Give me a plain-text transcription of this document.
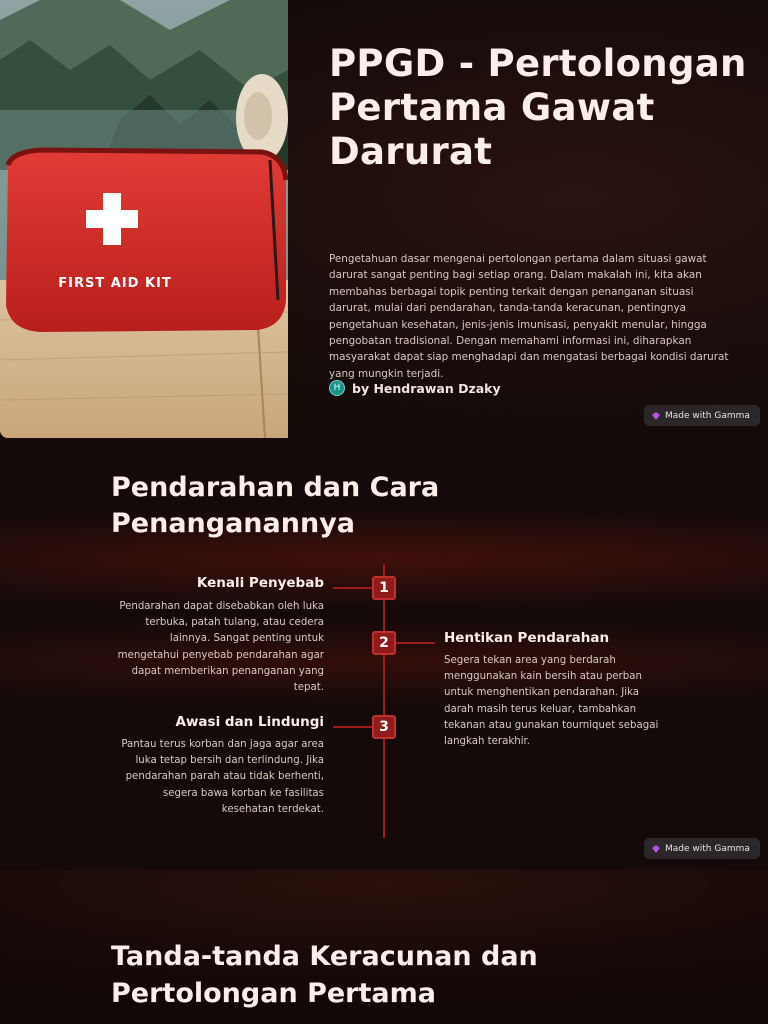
FIRST AID KIT
PPGD - Pertolongan Pertama Gawat Darurat

Pengetahuan dasar mengenai pertolongan pertama dalam situasi gawat darurat sangat penting bagi setiap orang. Dalam makalah ini, kita akan membahas berbagai topik penting terkait dengan penanganan situasi darurat, mulai dari pendarahan, tanda-tanda keracunan, pentingnya pengetahuan kesehatan, jenis-jenis imunisasi, penyakit menular, hingga pengobatan tradisional. Dengan memahami informasi ini, diharapkan masyarakat dapat siap menghadapi dan mengatasi berbagai kondisi darurat yang mungkin terjadi.

H by Hendrawan Dzaky
Made with Gamma
Pendarahan dan Cara Penanganannya
1
Kenali Penyebab

Pendarahan dapat disebabkan oleh luka terbuka, patah tulang, atau cedera lainnya. Sangat penting untuk mengetahui penyebab pendarahan agar dapat memberikan penanganan yang tepat.

2	Hentikan Pendarahan

Segera tekan area yang berdarah menggunakan kain bersih atau perban untuk menghentikan pendarahan. Jika darah masih terus keluar, tambahkan tekanan atau gunakan tourniquet sebagai langkah terakhir.

3
Awasi dan Lindungi

Pantau terus korban dan jaga agar area luka tetap bersih dan terlindung. Jika pendarahan parah atau tidak berhenti, segera bawa korban ke fasilitas kesehatan terdekat.

Made with Gamma
Tanda-tanda Keracunan dan Pertolongan Pertama
